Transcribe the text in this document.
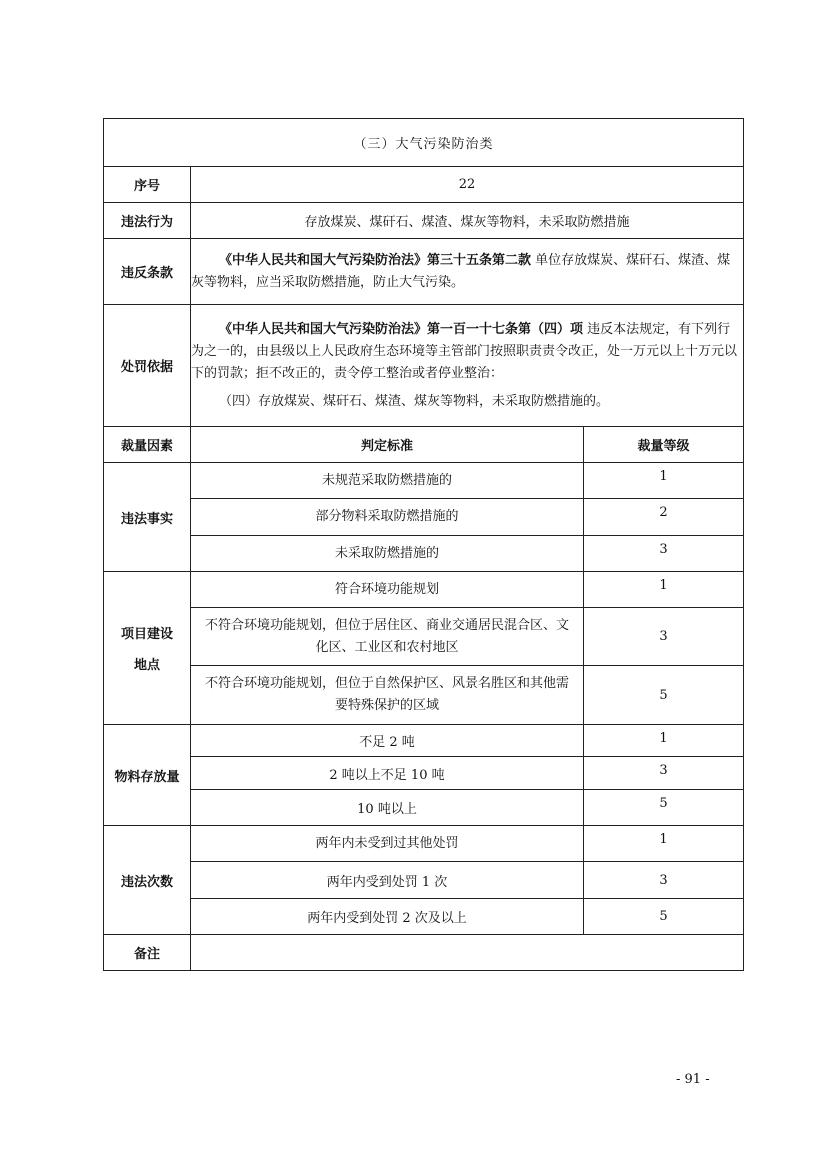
（三）大气污染防治类		
序号	22	
违法行为	存放煤炭、煤矸石、煤渣、煤灰等物料，未采取防燃措施	
违反条款	《中华人民共和国大气污染防治法》第三十五条第二款 单位存放煤炭、煤矸石、煤渣、煤灰等物料，应当采取防燃措施，防止大气污染。	

处罚依据	《中华人民共和国大气污染防治法》第一百一十七条第（四）项 违反本法规定，有下列行为之一的，由县级以上人民政府生态环境等主管部门按照职责责令改正，处一万元以上十万元以下的罚款；拒不改正的，责令停工整治或者停业整治：
（四）存放煤炭、煤矸石、煤渣、煤灰等物料，未采取防燃措施的。	

裁量因素	判定标准	裁量等级
违法事实	未规范采取防燃措施的	1
	部分物料采取防燃措施的	2
	未采取防燃措施的	3

项目建设
地点	符合环境功能规划	1
	不符合环境功能规划，但位于居住区、商业交通居民混合区、文化区、工业区和农村地区	3
	不符合环境功能规划，但位于自然保护区、风景名胜区和其他需要特殊保护的区域	5
物料存放量	不足 2 吨	1
	2 吨以上不足 10 吨	3
	10 吨以上	5
违法次数	两年内未受到过其他处罚	1
	两年内受到处罚 1 次	3
	两年内受到处罚 2 次及以上	5
备注		
- 91 -
